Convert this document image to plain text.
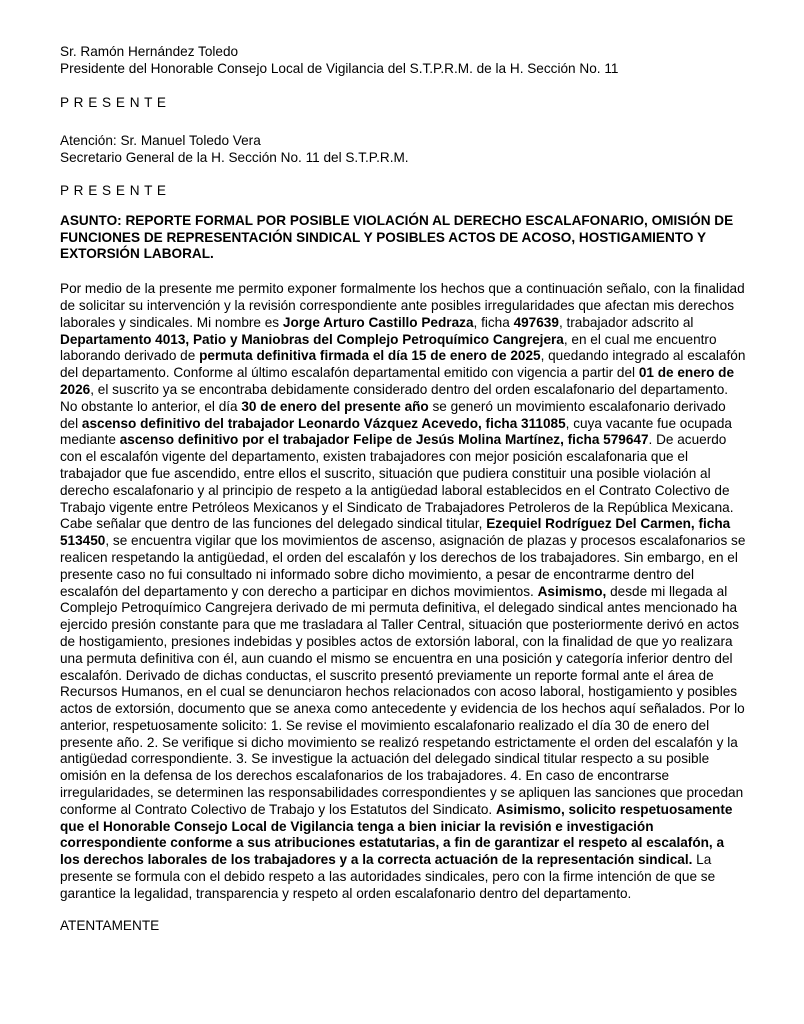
Sr. Ramón Hernández Toledo

Presidente del Honorable Consejo Local de Vigilancia del S.T.P.R.M. de la H. Sección No. 11

P R E S E N T E

Atención: Sr. Manuel Toledo Vera

Secretario General de la H. Sección No. 11 del S.T.P.R.M.

P R E S E N T E

ASUNTO: REPORTE FORMAL POR POSIBLE VIOLACIÓN AL DERECHO ESCALAFONARIO, OMISIÓN DE FUNCIONES DE REPRESENTACIÓN SINDICAL Y POSIBLES ACTOS DE ACOSO, HOSTIGAMIENTO Y EXTORSIÓN LABORAL.

Por medio de la presente me permito exponer formalmente los hechos que a continuación señalo, con la finalidad de solicitar su intervención y la revisión correspondiente ante posibles irregularidades que afectan mis derechos laborales y sindicales. Mi nombre es Jorge Arturo Castillo Pedraza, ficha 497639, trabajador adscrito al Departamento 4013, Patio y Maniobras del Complejo Petroquímico Cangrejera, en el cual me encuentro laborando derivado de permuta definitiva firmada el día 15 de enero de 2025, quedando integrado al escalafón del departamento. Conforme al último escalafón departamental emitido con vigencia a partir del 01 de enero de 2026, el suscrito ya se encontraba debidamente considerado dentro del orden escalafonario del departamento. No obstante lo anterior, el día 30 de enero del presente año se generó un movimiento escalafonario derivado del ascenso definitivo del trabajador Leonardo Vázquez Acevedo, ficha 311085, cuya vacante fue ocupada mediante ascenso definitivo por el trabajador Felipe de Jesús Molina Martínez, ficha 579647. De acuerdo con el escalafón vigente del departamento, existen trabajadores con mejor posición escalafonaria que el trabajador que fue ascendido, entre ellos el suscrito, situación que pudiera constituir una posible violación al derecho escalafonario y al principio de respeto a la antigüedad laboral establecidos en el Contrato Colectivo de Trabajo vigente entre Petróleos Mexicanos y el Sindicato de Trabajadores Petroleros de la República Mexicana. Cabe señalar que dentro de las funciones del delegado sindical titular, Ezequiel Rodríguez Del Carmen, ficha 513450, se encuentra vigilar que los movimientos de ascenso, asignación de plazas y procesos escalafonarios se realicen respetando la antigüedad, el orden del escalafón y los derechos de los trabajadores. Sin embargo, en el presente caso no fui consultado ni informado sobre dicho movimiento, a pesar de encontrarme dentro del escalafón del departamento y con derecho a participar en dichos movimientos. Asimismo, desde mi llegada al Complejo Petroquímico Cangrejera derivado de mi permuta definitiva, el delegado sindical antes mencionado ha ejercido presión constante para que me trasladara al Taller Central, situación que posteriormente derivó en actos de hostigamiento, presiones indebidas y posibles actos de extorsión laboral, con la finalidad de que yo realizara una permuta definitiva con él, aun cuando el mismo se encuentra en una posición y categoría inferior dentro del escalafón. Derivado de dichas conductas, el suscrito presentó previamente un reporte formal ante el área de Recursos Humanos, en el cual se denunciaron hechos relacionados con acoso laboral, hostigamiento y posibles actos de extorsión, documento que se anexa como antecedente y evidencia de los hechos aquí señalados. Por lo anterior, respetuosamente solicito: 1. Se revise el movimiento escalafonario realizado el día 30 de enero del presente año. 2. Se verifique si dicho movimiento se realizó respetando estrictamente el orden del escalafón y la antigüedad correspondiente. 3. Se investigue la actuación del delegado sindical titular respecto a su posible omisión en la defensa de los derechos escalafonarios de los trabajadores. 4. En caso de encontrarse irregularidades, se determinen las responsabilidades correspondientes y se apliquen las sanciones que procedan conforme al Contrato Colectivo de Trabajo y los Estatutos del Sindicato. Asimismo, solicito respetuosamente que el Honorable Consejo Local de Vigilancia tenga a bien iniciar la revisión e investigación correspondiente conforme a sus atribuciones estatutarias, a fin de garantizar el respeto al escalafón, a los derechos laborales de los trabajadores y a la correcta actuación de la representación sindical. La presente se formula con el debido respeto a las autoridades sindicales, pero con la firme intención de que se garantice la legalidad, transparencia y respeto al orden escalafonario dentro del departamento.

ATENTAMENTE
